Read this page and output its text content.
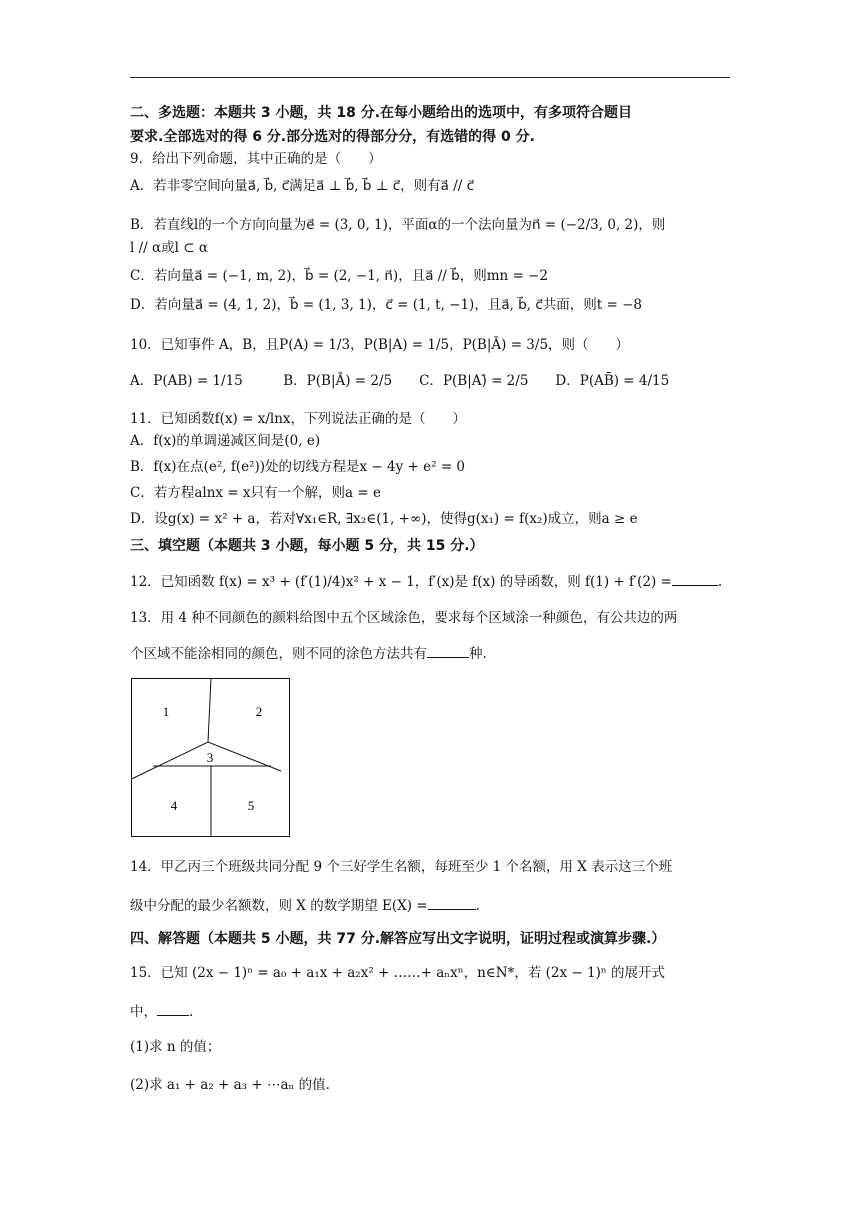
二、多选题：本题共 3 小题，共 18 分.在每小题给出的选项中，有多项符合题目
要求.全部选对的得 6 分.部分选对的得部分分，有选错的得 0 分.
9．给出下列命题，其中正确的是（　　）
A．若非零空间向量a⃗, b⃗, c⃗满足a⃗ ⊥ b⃗, b⃗ ⊥ c⃗，则有a⃗ // c⃗
B．若直线l的一个方向向量为e⃗ = (3, 0, 1)，平面α的一个法向量为n⃗ = (−2/3, 0, 2)，则
l // α或l ⊂ α
C．若向量a⃗ = (−1, m, 2)，b⃗ = (2, −1, n⃗)，且a⃗ // b⃗，则mn = −2
D．若向量a⃗ = (4, 1, 2)，b⃗ = (1, 3, 1)，c⃗ = (1, t, −1)，且a⃗, b⃗, c⃗共面，则t = −8
10．已知事件 A，B，且P(A) = 1/3，P(B|A) = 1/5，P(B|Ā) = 3/5，则（　　）
A．P(AB) = 1/15　　　B．P(B|Ā) = 2/5　　C．P(B|A)̄ = 2/5　　D．P(AB̄) = 4/15
11．已知函数f(x) = x/lnx，下列说法正确的是（　　）
A．f(x)的单调递减区间是(0, e)
B．f(x)在点(e², f(e²))处的切线方程是x − 4y + e² = 0
C．若方程alnx = x只有一个解，则a = e
D．设g(x) = x² + a，若对∀x₁∈R, ∃x₂∈(1, +∞)，使得g(x₁) = f(x₂)成立，则a ≥ e
三、填空题（本题共 3 小题，每小题 5 分，共 15 分.）
12．已知函数 f(x) = x³ + (f′(1)/4)x² + x − 1，f′(x)是 f(x) 的导函数，则 f(1) + f′(2) =	.
13．用 4 种不同颜色的颜料给图中五个区域涂色，要求每个区域涂一种颜色，有公共边的两
个区域不能涂相同的颜色，则不同的涂色方法共有	种.
1	2
3
4	5
14．甲乙丙三个班级共同分配 9 个三好学生名额，每班至少 1 个名额，用 X 表示这三个班
级中分配的最少名额数，则 X 的数学期望 E(X) =	.
四、解答题（本题共 5 小题，共 77 分.解答应写出文字说明，证明过程或演算步骤.）
15．已知 (2x − 1)ⁿ = a₀ + a₁x + a₂x² + ……+ aₙxⁿ，n∈N*，若 (2x − 1)ⁿ 的展开式
中， .
(1)求 n 的值；
(2)求 a₁ + a₂ + a₃ + ⋯aₙ 的值.
